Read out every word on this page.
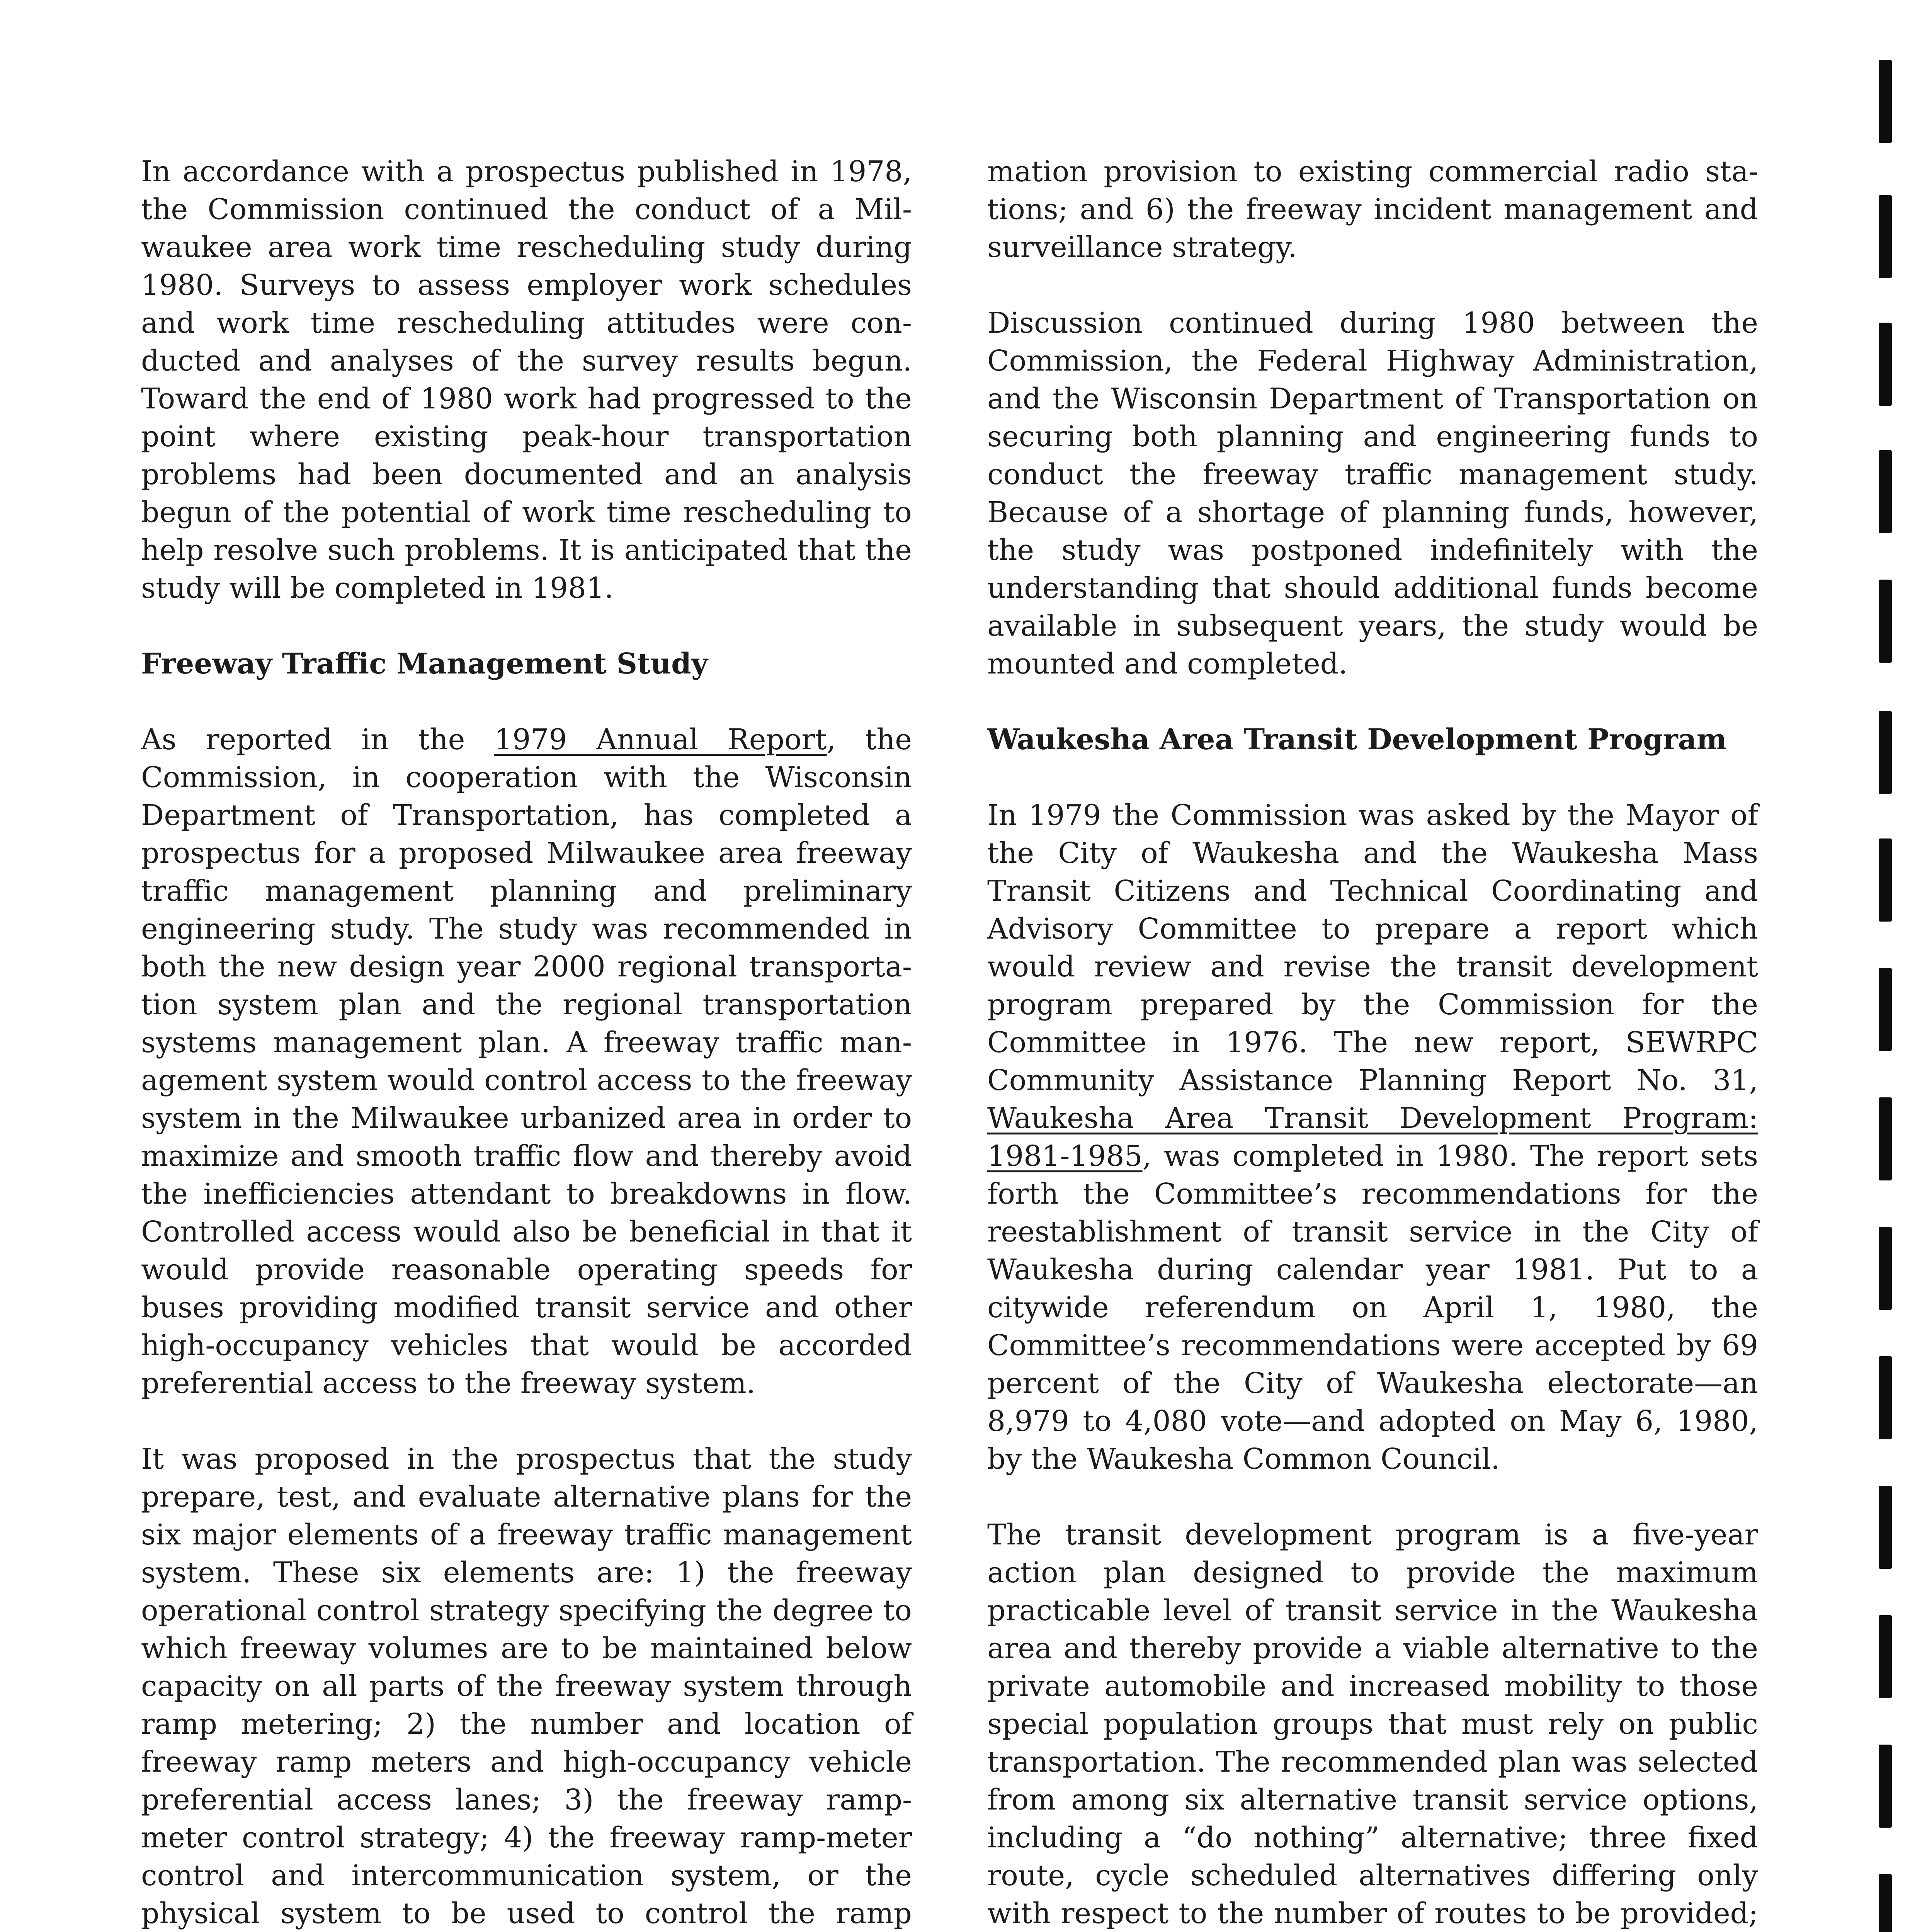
In accordance with a prospectus published in 1978, the Commission continued the conduct of a Milwaukee area work time rescheduling study during 1980. Surveys to assess employer work schedules and work time rescheduling attitudes were conducted and analyses of the survey results begun. Toward the end of 1980 work had progressed to the point where existing peak-hour transportation problems had been documented and an analysis begun of the potential of work time rescheduling to help resolve such problems. It is anticipated that the study will be completed in 1981.

Freeway Traffic Management Study

As reported in the 1979 Annual Report, the Commission, in cooperation with the Wisconsin Department of Transportation, has completed a prospectus for a proposed Milwaukee area freeway traffic management planning and preliminary engineering study. The study was recommended in both the new design year 2000 regional transportation system plan and the regional transportation systems management plan. A freeway traffic management system would control access to the freeway system in the Milwaukee urbanized area in order to maximize and smooth traffic flow and thereby avoid the inefficiencies attendant to breakdowns in flow. Controlled access would also be beneficial in that it would provide reasonable operating speeds for buses providing modified transit service and other high-occupancy vehicles that would be accorded preferential access to the freeway system.

It was proposed in the prospectus that the study prepare, test, and evaluate alternative plans for the six major elements of a freeway traffic management system. These six elements are: 1) the freeway operational control strategy specifying the degree to which freeway volumes are to be maintained below capacity on all parts of the freeway system through ramp metering; 2) the number and location of freeway ramp meters and high-occupancy vehicle preferential access lanes; 3) the freeway ramp-meter control strategy; 4) the freeway ramp-meter control and intercommunication system, or the physical system to be used to control the ramp

mation provision to existing commercial radio stations; and 6) the freeway incident management and surveillance strategy.

Discussion continued during 1980 between the Commission, the Federal Highway Administration, and the Wisconsin Department of Transportation on securing both planning and engineering funds to conduct the freeway traffic management study. Because of a shortage of planning funds, however, the study was postponed indefinitely with the understanding that should additional funds become available in subsequent years, the study would be mounted and completed.

Waukesha Area Transit Development Program

In 1979 the Commission was asked by the Mayor of the City of Waukesha and the Waukesha Mass Transit Citizens and Technical Coordinating and Advisory Committee to prepare a report which would review and revise the transit development program prepared by the Commission for the Committee in 1976. The new report, SEWRPC Community Assistance Planning Report No. 31, Waukesha Area Transit Development Program: 1981-1985, was completed in 1980. The report sets forth the Committee’s recommendations for the reestablishment of transit service in the City of Waukesha during calendar year 1981. Put to a citywide referendum on April 1, 1980, the Committee’s recommendations were accepted by 69 percent of the City of Waukesha electorate—an 8,979 to 4,080 vote—and adopted on May 6, 1980, by the Waukesha Common Council.

The transit development program is a five-year action plan designed to provide the maximum practicable level of transit service in the Waukesha area and thereby provide a viable alternative to the private automobile and increased mobility to those special population groups that must rely on public transportation. The recommended plan was selected from among six alternative transit service options, including a “do nothing” alternative; three fixed route, cycle scheduled alternatives differing only with respect to the number of routes to be provided;
